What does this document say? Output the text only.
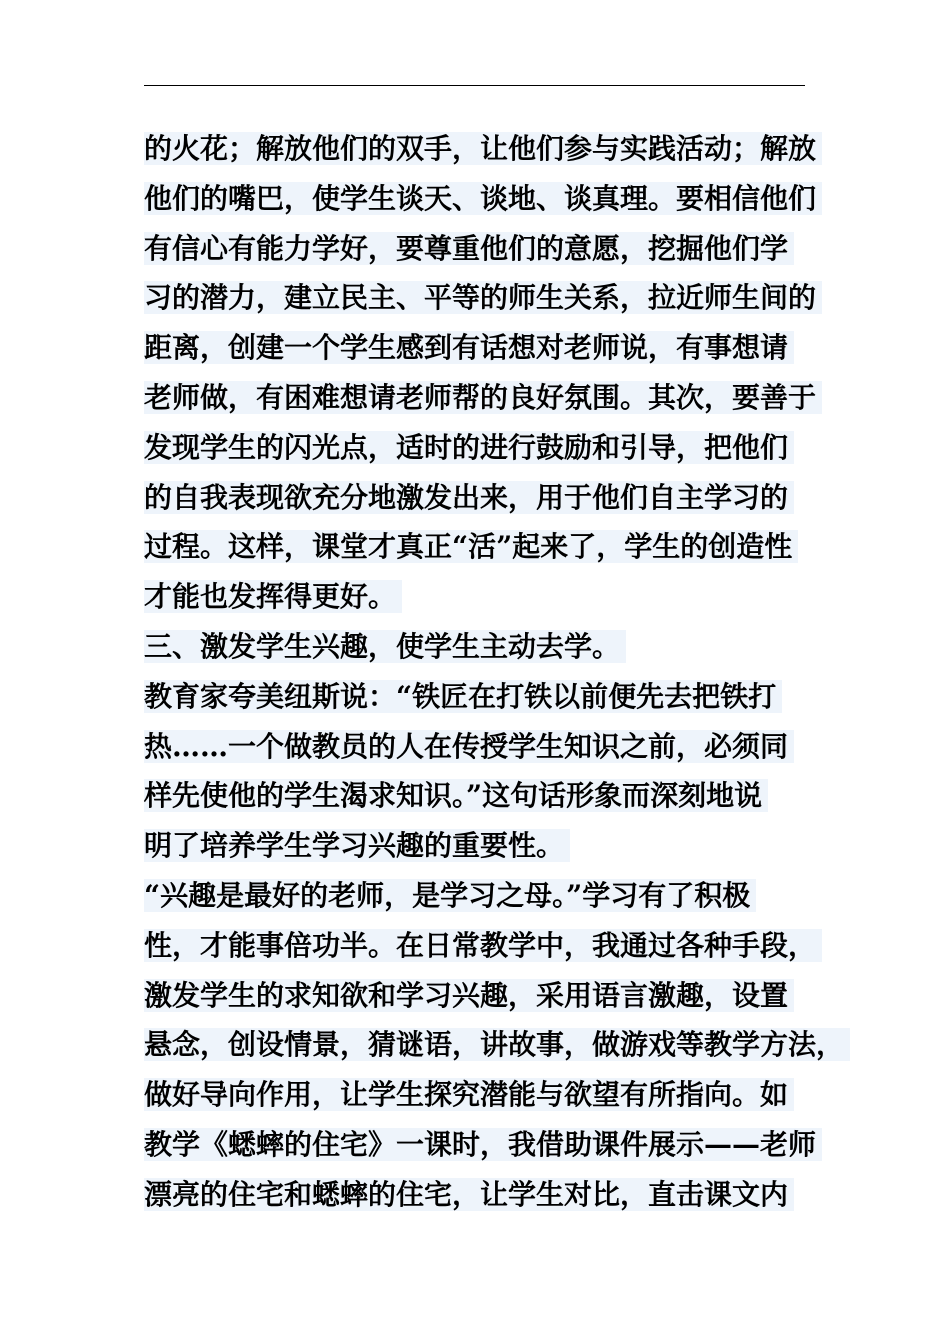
的火花；解放他们的双手，让他们参与实践活动；解放
他们的嘴巴，使学生谈天、谈地、谈真理。要相信他们
有信心有能力学好，要尊重他们的意愿，挖掘他们学
习的潜力，建立民主、平等的师生关系，拉近师生间的
距离，创建一个学生感到有话想对老师说，有事想请
老师做，有困难想请老师帮的良好氛围。其次，要善于
发现学生的闪光点，适时的进行鼓励和引导，把他们
的自我表现欲充分地激发出来，用于他们自主学习的
过程。这样，课堂才真正“活”起来了，学生的创造性
才能也发挥得更好。
三、激发学生兴趣，使学生主动去学。
教育家夸美纽斯说：“铁匠在打铁以前便先去把铁打
热……一个做教员的人在传授学生知识之前，必须同
样先使他的学生渴求知识。”这句话形象而深刻地说
明了培养学生学习兴趣的重要性。
“兴趣是最好的老师，是学习之母。”学习有了积极
性，才能事倍功半。在日常教学中，我通过各种手段，
激发学生的求知欲和学习兴趣，采用语言激趣，设置
悬念，创设情景，猜谜语，讲故事，做游戏等教学方法，
做好导向作用，让学生探究潜能与欲望有所指向。如
教学《蟋蟀的住宅》一课时，我借助课件展示——老师
漂亮的住宅和蟋蟀的住宅，让学生对比，直击课文内
